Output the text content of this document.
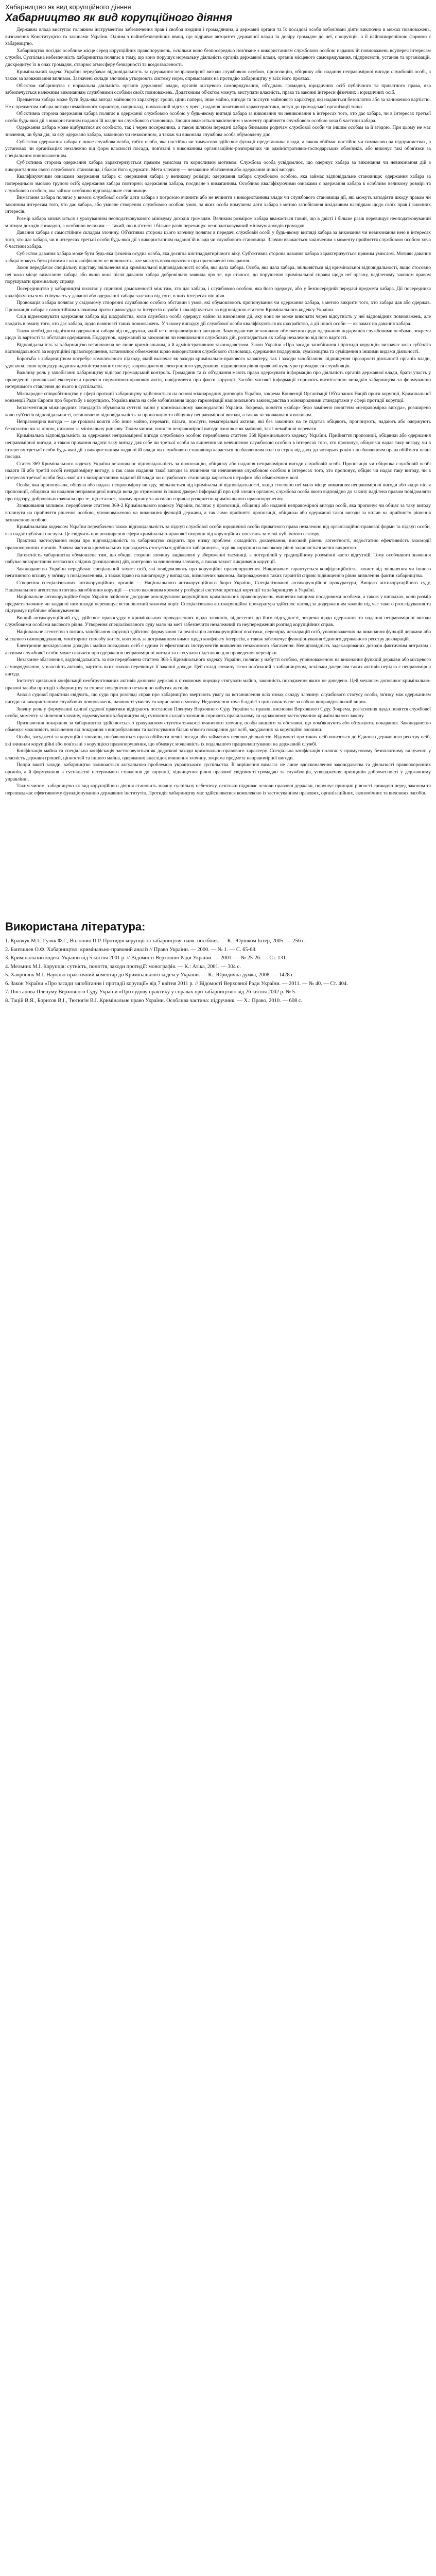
Хабарництво як вид корупційного діяння
Хабарництво як вид корупційного діяння

Державна влада виступає головним інструментом забезпечення прав і свобод людини і громадянина, а державні органи та їх посадові особи зобов'язані діяти виключно в межах повноважень, визначених Конституцією та законами України. Одним з найнебезпечніших явищ, що підриває авторитет державної влади та довіру громадян до неї, є корупція, а її найпоширенішою формою є хабарництво.

Хабарництво посідає особливе місце серед корупційних правопорушень, оскільки воно безпосередньо пов'язане з використанням службовою особою наданих їй повноважень всупереч інтересам служби. Суспільна небезпечність хабарництва полягає в тому, що воно порушує нормальну діяльність органів державної влади, органів місцевого самоврядування, підприємств, установ та організацій, дискредитує їх в очах громадян, створює атмосферу безкарності та вседозволеності.

Кримінальний кодекс України передбачає відповідальність за одержання неправомірної вигоди службовою особою, пропозицію, обіцянку або надання неправомірної вигоди службовій особі, а також за зловживання впливом. Зазначені склади злочинів утворюють систему норм, спрямованих на протидію хабарництву у всіх його проявах.

Об'єктом хабарництва є нормальна діяльність органів державної влади, органів місцевого самоврядування, об'єднань громадян, юридичних осіб публічного та приватного права, яка забезпечується належним виконанням службовими особами своїх повноважень. Додатковим об'єктом можуть виступати власність, права та законні інтереси фізичних і юридичних осіб.

Предметом хабара може бути будь-яка вигода майнового характеру: гроші, цінні папери, інше майно, вигоди та послуги майнового характеру, які надаються безоплатно або за заниженою вартістю. Не є предметом хабара вигоди немайнового характеру, наприклад, похвальний відгук у пресі, надання позитивної характеристики, вступ до громадської організації тощо.

Об'єктивна сторона одержання хабара полягає в одержанні службовою особою у будь-якому вигляді хабара за виконання чи невиконання в інтересах того, хто дає хабара, чи в інтересах третьої особи будь-якої дії з використанням наданої їй влади чи службового становища. Злочин вважається закінченим з моменту прийняття службовою особою хоча б частини хабара.

Одержання хабара може відбуватися як особисто, так і через посередника, а також шляхом передачі хабара близьким родичам службової особи чи іншим особам за її згодою. При цьому не має значення, чи була дія, за яку одержано хабара, законною чи незаконною, а також чи виконала службова особа обумовлену дію.

Суб'єктом одержання хабара є лише службова особа, тобто особа, яка постійно чи тимчасово здійснює функції представника влади, а також обіймає постійно чи тимчасово на підприємствах, в установах чи організаціях незалежно від форм власності посади, пов'язані з виконанням організаційно-розпорядчих чи адміністративно-господарських обов'язків, або виконує такі обов'язки за спеціальним повноваженням.

Суб'єктивна сторона одержання хабара характеризується прямим умислом та корисливим мотивом. Службова особа усвідомлює, що одержує хабара за виконання чи невиконання дій з використанням свого службового становища, і бажає його одержати. Мета злочину — незаконне збагачення або одержання іншої вигоди.

Кваліфікуючими ознаками одержання хабара є: одержання хабара у великому розмірі; одержання хабара службовою особою, яка займає відповідальне становище; одержання хабара за попередньою змовою групою осіб; одержання хабара повторно; одержання хабара, поєднане з вимаганням. Особливо кваліфікуючими ознаками є одержання хабара в особливо великому розмірі та службовою особою, яка займає особливо відповідальне становище.

Вимагання хабара полягає у вимозі службової особи дати хабара з погрозою вчинити або не вчинити з використанням влади чи службового становища дії, які можуть заподіяти шкоду правам чи законним інтересам того, хто дає хабара, або умисне створення службовою особою умов, за яких особа вимушена дати хабара з метою запобігання шкідливим наслідкам щодо своїх прав і законних інтересів.

Розмір хабара визначається з урахуванням неоподатковуваного мінімуму доходів громадян. Великим розміром хабара вважається такий, що в двісті і більше разів перевищує неоподатковуваний мінімум доходів громадян, а особливо великим — такий, що в п'ятсот і більше разів перевищує неоподатковуваний мінімум доходів громадян.

Давання хабара є самостійним складом злочину. Об'єктивна сторона цього злочину полягає в передачі службовій особі у будь-якому вигляді хабара за виконання чи невиконання нею в інтересах того, хто дає хабара, чи в інтересах третьої особи будь-якої дії з використанням наданої їй влади чи службового становища. Злочин вважається закінченим з моменту прийняття службовою особою хоча б частини хабара.

Суб'єктом давання хабара може бути будь-яка фізична осудна особа, яка досягла шістнадцятирічного віку. Суб'єктивна сторона давання хабара характеризується прямим умислом. Мотиви давання хабара можуть бути різними і на кваліфікацію не впливають, але можуть враховуватися при призначенні покарання.

Закон передбачає спеціальну підставу звільнення від кримінальної відповідальності особи, яка дала хабара. Особа, яка дала хабара, звільняється від кримінальної відповідальності, якщо стосовно неї мало місце вимагання хабара або якщо вона після давання хабара добровільно заявила про те, що сталося, до порушення кримінальної справи щодо неї органу, наділеному законом правом порушувати кримінальну справу.

Посередництво у хабарництві полягає у сприянні домовленості між тим, хто дає хабара, і службовою особою, яка його одержує, або у безпосередній передачі предмета хабара. Дії посередника кваліфікуються як співучасть у даванні або одержанні хабара залежно від того, в чиїх інтересах він діяв.

Провокація хабара полягає у свідомому створенні службовою особою обставин і умов, які обумовлюють пропонування чи одержання хабара, з метою викрити того, хто хабара дав або одержав. Провокація хабара є самостійним злочином проти правосуддя та інтересів служби і кваліфікується за відповідною статтею Кримінального кодексу України.

Слід відмежовувати одержання хабара від шахрайства, коли службова особа одержує майно за виконання дії, яку вона не може виконати через відсутність у неї відповідних повноважень, але вводить в оману того, хто дає хабара, щодо наявності таких повноважень. У такому випадку дії службової особи кваліфікуються як шахрайство, а дії іншої особи — як замах на давання хабара.

Також необхідно відрізняти одержання хабара від подарунка, який не є неправомірною вигодою. Законодавство встановлює обмеження щодо одержання подарунків службовими особами, зокрема щодо їх вартості та обставин одержання. Подарунок, одержаний за виконання чи невиконання службових дій, розглядається як хабар незалежно від його вартості.

Відповідальність за хабарництво встановлена не лише кримінальним, а й адміністративним законодавством. Закон України «Про засади запобігання і протидії корупції» визначає коло суб'єктів відповідальності за корупційні правопорушення, встановлює обмеження щодо використання службового становища, одержання подарунків, сумісництва та суміщення з іншими видами діяльності.

Боротьба з хабарництвом потребує комплексного підходу, який включає як заходи кримінально-правового характеру, так і заходи запобігання: підвищення прозорості діяльності органів влади, удосконалення процедур надання адміністративних послуг, запровадження електронного урядування, підвищення рівня правової культури громадян та службовців.

Важливу роль у запобіганні хабарництву відіграє громадський контроль. Громадяни та їх об'єднання мають право одержувати інформацію про діяльність органів державної влади, брати участь у проведенні громадської експертизи проектів нормативно-правових актів, повідомляти про факти корупції. Засоби масової інформації сприяють висвітленню випадків хабарництва та формуванню нетерпимого ставлення до нього в суспільстві.

Міжнародне співробітництво у сфері протидії хабарництву здійснюється на основі міжнародних договорів України, зокрема Конвенції Організації Об'єднаних Націй проти корупції, Кримінальної конвенції Ради Європи про боротьбу з корупцією. Україна взяла на себе зобов'язання щодо гармонізації національного законодавства з міжнародними стандартами у сфері протидії корупції.

Імплементація міжнародних стандартів обумовила суттєві зміни у кримінальному законодавстві України. Зокрема, поняття «хабар» було замінено поняттям «неправомірна вигода», розширено коло суб'єктів відповідальності, встановлено відповідальність за пропозицію та обіцянку неправомірної вигоди, а також за зловживання впливом.

Неправомірна вигода — це грошові кошти або інше майно, переваги, пільги, послуги, нематеріальні активи, які без законних на те підстав обіцяють, пропонують, надають або одержують безоплатно чи за ціною, нижчою за мінімальну ринкову. Таким чином, поняття неправомірної вигоди охоплює як майнові, так і немайнові переваги.

Кримінальна відповідальність за одержання неправомірної вигоди службовою особою передбачена статтею 368 Кримінального кодексу України. Прийняття пропозиції, обіцянки або одержання неправомірної вигоди, а також прохання надати таку вигоду для себе чи третьої особи за вчинення чи невчинення службовою особою в інтересах того, хто пропонує, обіцяє чи надає таку вигоду, чи в інтересах третьої особи будь-якої дії з використанням наданої їй влади чи службового становища карається позбавленням волі на строк від двох до чотирьох років з позбавленням права обіймати певні посади.

Стаття 369 Кримінального кодексу України встановлює відповідальність за пропозицію, обіцянку або надання неправомірної вигоди службовій особі. Пропозиція чи обіцянка службовій особі надати їй або третій особі неправомірну вигоду, а так само надання такої вигоди за вчинення чи невчинення службовою особою в інтересах того, хто пропонує, обіцяє чи надає таку вигоду, чи в інтересах третьої особи будь-якої дії з використанням наданої їй влади чи службового становища карається штрафом або обмеженням волі.

Особа, яка пропонувала, обіцяла або надала неправомірну вигоду, звільняється від кримінальної відповідальності, якщо стосовно неї мало місце вимагання неправомірної вигоди або якщо після пропозиції, обіцянки чи надання неправомірної вигоди вона до отримання із інших джерел інформації про цей злочин органом, службова особа якого відповідно до закону наділена правом повідомляти про підозру, добровільно заявила про те, що сталося, такому органу та активно сприяла розкриттю кримінального правопорушення.

Зловживання впливом, передбачене статтею 369-2 Кримінального кодексу України, полягає у пропозиції, обіцянці або наданні неправомірної вигоди особі, яка пропонує чи обіцяє за таку вигоду вплинути на прийняття рішення особою, уповноваженою на виконання функцій держави, а так само прийнятті пропозиції, обіцянки або одержанні такої вигоди за вплив на прийняття рішення зазначеною особою.

Кримінальним кодексом України передбачено також відповідальність за підкуп службової особи юридичної особи приватного права незалежно від організаційно-правової форми та підкуп особи, яка надає публічні послуги. Це свідчить про розширення сфери кримінально-правової охорони від корупційних посягань за межі публічного сектору.

Практика застосування норм про відповідальність за хабарництво свідчить про низку проблем: складність доказування, високий рівень латентності, недостатню ефективність взаємодії правоохоронних органів. Значна частина кримінальних проваджень стосується дрібного хабарництва, тоді як корупція на високому рівні залишається менш викритою.

Латентність хабарництва обумовлена тим, що обидві сторони злочину зацікавлені у збереженні таємниці, а потерпілий у традиційному розумінні часто відсутній. Тому особливого значення набуває використання негласних слідчих (розшукових) дій, контролю за вчиненням злочину, а також захист викривачів корупції.

Законодавство України передбачає спеціальний захист осіб, які повідомляють про корупційні правопорушення. Викривачам гарантується конфіденційність, захист від звільнення чи іншого негативного впливу у зв'язку з повідомленням, а також право на винагороду у випадках, визначених законом. Запровадження таких гарантій сприяє підвищенню рівня виявлення фактів хабарництва.

Створення спеціалізованих антикорупційних органів — Національного антикорупційного бюро України, Спеціалізованої антикорупційної прокуратури, Вищого антикорупційного суду, Національного агентства з питань запобігання корупції — стало важливим кроком у розбудові системи протидії корупції та хабарництву в Україні.

Національне антикорупційне бюро України здійснює досудове розслідування корупційних кримінальних правопорушень, вчинених вищими посадовими особами, а також у випадках, коли розмір предмета злочину чи завданої ним шкоди перевищує встановлений законом поріг. Спеціалізована антикорупційна прокуратура здійснює нагляд за додержанням законів під час такого розслідування та підтримує публічне обвинувачення.

Вищий антикорупційний суд здійснює правосуддя у кримінальних провадженнях щодо злочинів, віднесених до його підсудності, зокрема щодо одержання та надання неправомірної вигоди службовими особами високого рівня. Утворення спеціалізованого суду мало на меті забезпечити незалежний та неупереджений розгляд корупційних справ.

Національне агентство з питань запобігання корупції здійснює формування та реалізацію антикорупційної політики, перевірку декларацій осіб, уповноважених на виконання функцій держави або місцевого самоврядування, моніторинг способу життя, контроль за дотриманням вимог щодо конфлікту інтересів, а також забезпечує функціонування Єдиного державного реєстру декларацій.

Електронне декларування доходів і майна посадових осіб є одним із ефективних інструментів виявлення незаконного збагачення. Невідповідність задекларованих доходів фактичним витратам і активам службової особи може свідчити про одержання неправомірної вигоди та слугувати підставою для проведення перевірки.

Незаконне збагачення, відповідальність за яке передбачена статтею 368-5 Кримінального кодексу України, полягає у набутті особою, уповноваженою на виконання функцій держави або місцевого самоврядування, у власність активів, вартість яких значно перевищує її законні доходи. Цей склад злочину тісно пов'язаний з хабарництвом, оскільки джерелом таких активів нерідко є неправомірна вигода.

Інститут цивільної конфіскації необґрунтованих активів дозволяє державі в позовному порядку стягувати майно, законність походження якого не доведено. Цей механізм доповнює кримінально-правові засоби протидії хабарництву та сприяє поверненню незаконно набутих активів.

Аналіз судової практики свідчить, що суди при розгляді справ про хабарництво звертають увагу на встановлення всіх ознак складу злочину: службового статусу особи, зв'язку між одержанням вигоди та використанням службових повноважень, наявності умислу та корисливого мотиву. Недоведення хоча б однієї з цих ознак тягне за собою виправдувальний вирок.

Значну роль у формуванні єдиної судової практики відіграють постанови Пленуму Верховного Суду України та правові висновки Верховного Суду. Зокрема, роз'яснення щодо поняття службової особи, моменту закінчення злочину, відмежування хабарництва від суміжних складів злочинів сприяють правильному та однаковому застосуванню кримінального закону.

Призначення покарання за хабарництво здійснюється з урахуванням ступеня тяжкості вчиненого злочину, особи винного та обставин, що пом'якшують або обтяжують покарання. Законодавство обмежує можливість звільнення від покарання з випробуванням та застосування більш м'якого покарання для осіб, засуджених за корупційні злочини.

Особи, засуджені за корупційні злочини, позбавляються права обіймати певні посади або займатися певною діяльністю. Відомості про таких осіб вносяться до Єдиного державного реєстру осіб, які вчинили корупційні або пов'язані з корупцією правопорушення, що обмежує можливість їх подальшого працевлаштування на державній службі.

Конфіскація майна та спеціальна конфіскація застосовуються як додаткові заходи кримінально-правового характеру. Спеціальна конфіскація полягає у примусовому безоплатному вилученні у власність держави грошей, цінностей та іншого майна, одержаних внаслідок вчинення злочину, зокрема предмета неправомірної вигоди.

Попри вжиті заходи, хабарництво залишається актуальною проблемою українського суспільства. Її вирішення вимагає не лише вдосконалення законодавства та діяльності правоохоронних органів, а й формування в суспільстві нетерпимого ставлення до корупції, підвищення рівня правової свідомості громадян та службовців, утвердження принципів доброчесності у державному управлінні.

Таким чином, хабарництво як вид корупційного діяння становить значну суспільну небезпеку, оскільки підриває основи правової держави, порушує принцип рівності громадян перед законом та перешкоджає ефективному функціонуванню державних інститутів. Протидія хабарництву має здійснюватися комплексно із застосуванням правових, організаційних, економічних та виховних засобів.

Використана література:
1. Кравчук М.І., Гуляк Ф.Г., Волошин П.Р. Протидія корупції та хабарництву: навч. посібник. — К.: Юрінком Інтер, 2005. — 256 с.
2. Бантишев О.Ф. Хабарництво: кримінально-правовий аналіз // Право України. — 2000. — № 1. — С. 65-68.
3. Кримінальний кодекс України від 5 квітня 2001 р. // Відомості Верховної Ради України. — 2001. — № 25-26. — Ст. 131.
4. Мельник М.І. Корупція: сутність, поняття, заходи протидії: монографія. — К.: Атіка, 2001. — 304 с.
5. Хавронюк М.І. Науково-практичний коментар до Кримінального кодексу України. — К.: Юридична думка, 2008. — 1428 с.
6. Закон України «Про засади запобігання і протидії корупції» від 7 квітня 2011 р. // Відомості Верховної Ради України. — 2011. — № 40. — Ст. 404.
7. Постанова Пленуму Верховного Суду України «Про судову практику у справах про хабарництво» від 26 квітня 2002 р. № 5.
8. Тацій В.Я., Борисов В.І., Тютюгін В.І. Кримінальне право України. Особлива частина: підручник. — Х.: Право, 2010. — 608 с.
